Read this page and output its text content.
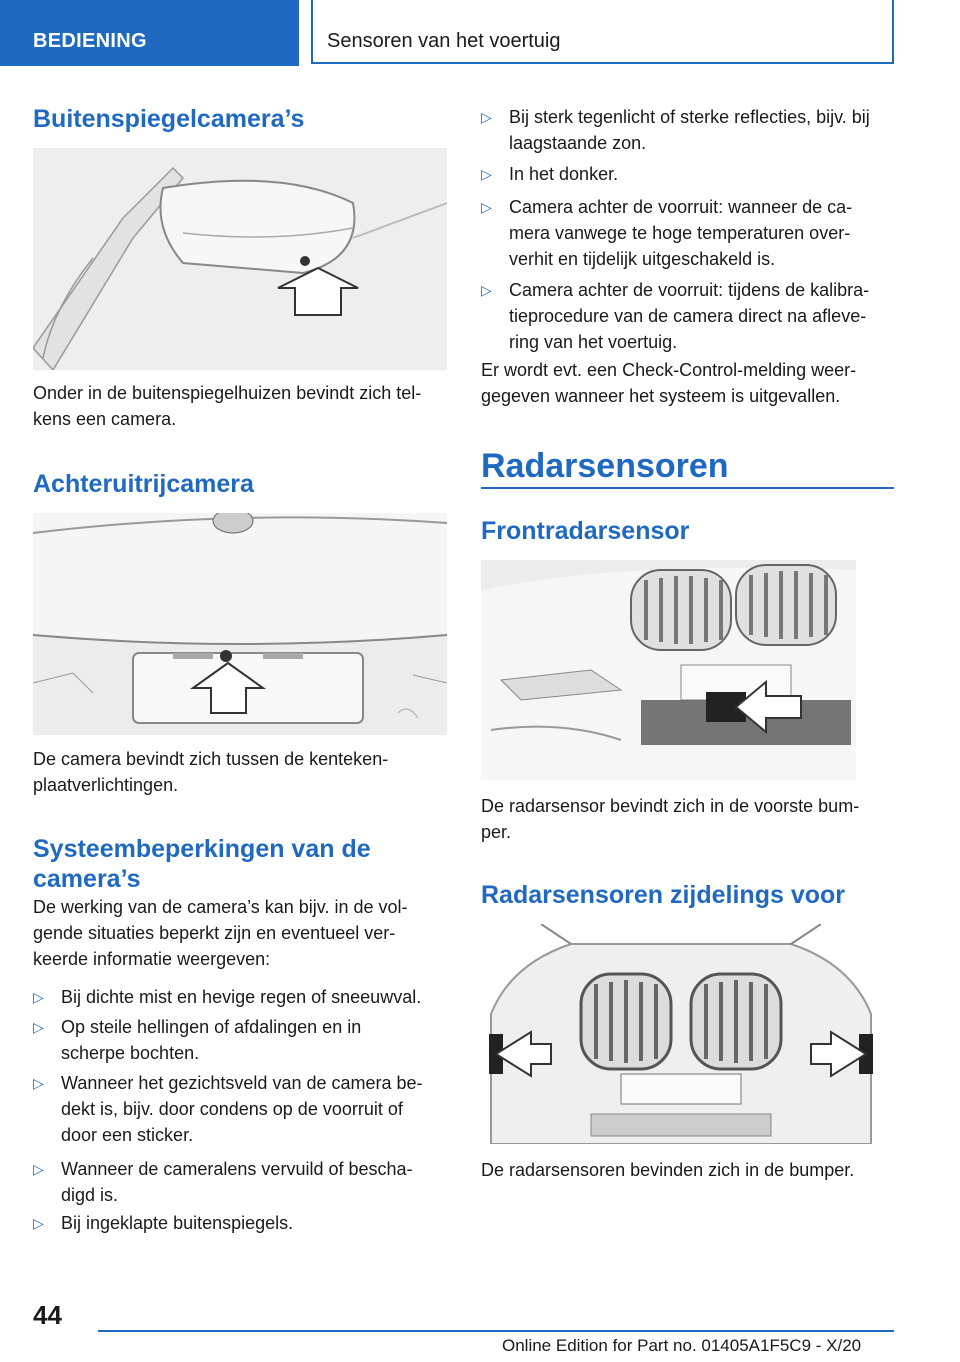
BEDIENING	Sensoren van het voertuig
Buitenspiegelcamera’s
Onder in de buitenspiegelhuizen bevindt zich tel-
kens een camera.
Achteruitrijcamera
De camera bevindt zich tussen de kenteken-
plaatverlichtingen.
Systeembeperkingen van de
camera’s
De werking van de camera’s kan bijv. in de vol-
gende situaties beperkt zijn en eventueel ver-
keerde informatie weergeven:
▷ Bij dichte mist en hevige regen of sneeuwval.
▷ Op steile hellingen of afdalingen en in
scherpe bochten.
▷ Wanneer het gezichtsveld van de camera be-
dekt is, bijv. door condens op de voorruit of
door een sticker.
▷ Wanneer de cameralens vervuild of bescha-
digd is.
▷ Bij ingeklapte buitenspiegels.
▷ Bij sterk tegenlicht of sterke reflecties, bijv. bij
laagstaande zon.
▷ In het donker.
▷ Camera achter de voorruit: wanneer de ca-
mera vanwege te hoge temperaturen over-
verhit en tijdelijk uitgeschakeld is.
▷ Camera achter de voorruit: tijdens de kalibra-
tieprocedure van de camera direct na afleve-
ring van het voertuig.
Er wordt evt. een Check-Control-melding weer-
gegeven wanneer het systeem is uitgevallen.
Radarsensoren
Frontradarsensor
De radarsensor bevindt zich in de voorste bum-
per.
Radarsensoren zijdelings voor
De radarsensoren bevinden zich in de bumper.
44
Online Edition for Part no. 01405A1F5C9 - X/20
